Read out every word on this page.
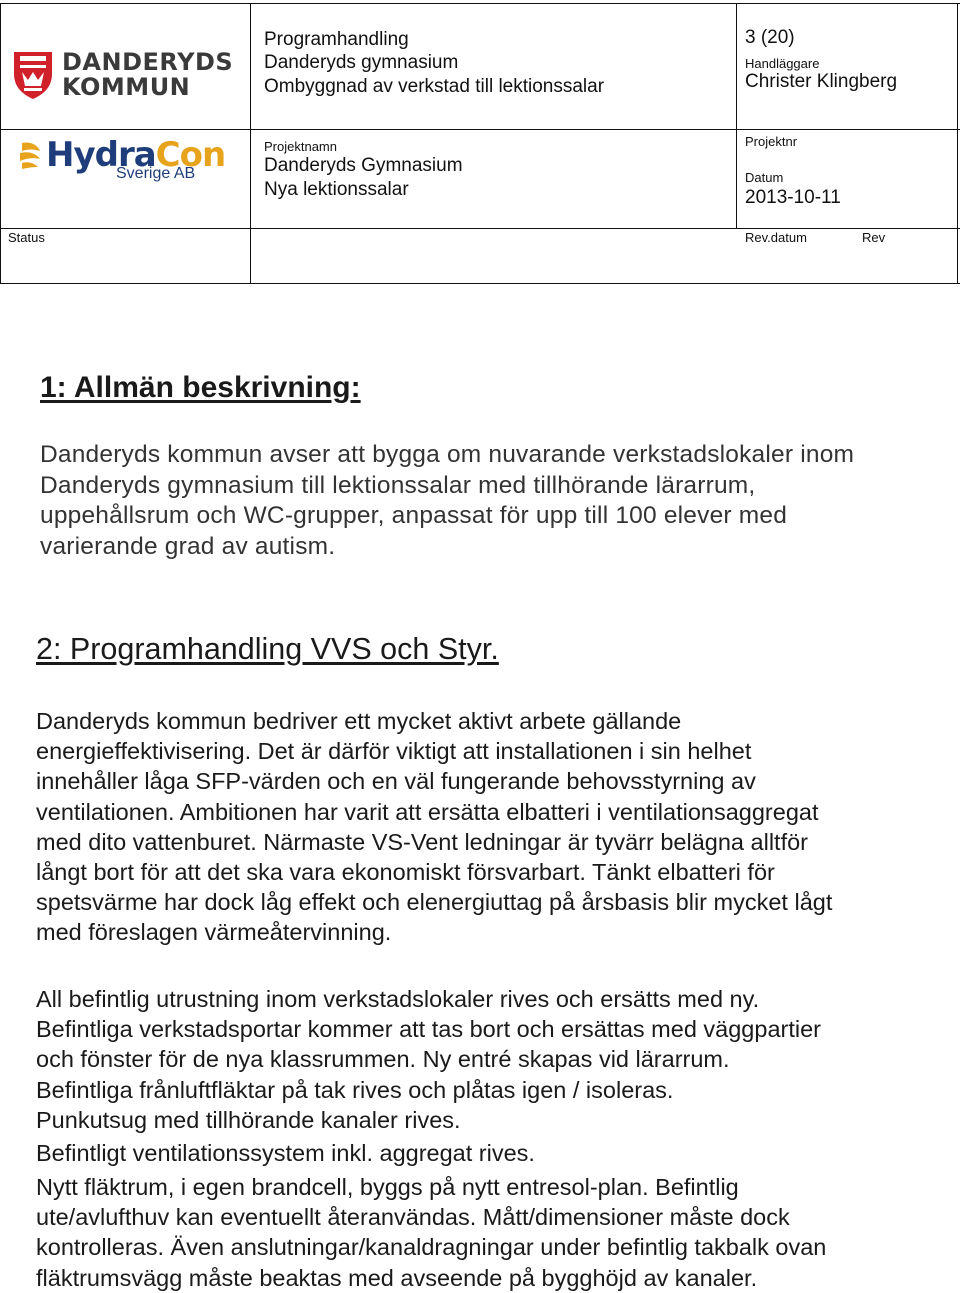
DANDERYDS
KOMMUN
HydraCon
Sverige AB
Programhandling
Danderyds gymnasium
Ombyggnad av verkstad till lektionssalar
Projektnamn
Danderyds Gymnasium
Nya lektionssalar
3 (20)
Handläggare
Christer Klingberg
Projektnr
Datum
2013-10-11
Status	Rev.datum	Rev
1: Allmän beskrivning:
Danderyds kommun avser att bygga om nuvarande verkstadslokaler inom
Danderyds gymnasium till lektionssalar med tillhörande lärarrum,
uppehållsrum och WC-grupper, anpassat för upp till 100 elever med
varierande grad av autism.
2: Programhandling VVS och Styr.
Danderyds kommun bedriver ett mycket aktivt arbete gällande
energieffektivisering. Det är därför viktigt att installationen i sin helhet
innehåller låga SFP-värden och en väl fungerande behovsstyrning av
ventilationen. Ambitionen har varit att ersätta elbatteri i ventilationsaggregat
med dito vattenburet. Närmaste VS-Vent ledningar är tyvärr belägna alltför
långt bort för att det ska vara ekonomiskt försvarbart. Tänkt elbatteri för
spetsvärme har dock låg effekt och elenergiuttag på årsbasis blir mycket lågt
med föreslagen värmeåtervinning.
All befintlig utrustning inom verkstadslokaler rives och ersätts med ny.
Befintliga verkstadsportar kommer att tas bort och ersättas med väggpartier
och fönster för de nya klassrummen. Ny entré skapas vid lärarrum.
Befintliga frånluftfläktar på tak rives och plåtas igen / isoleras.
Punkutsug med tillhörande kanaler rives.
Befintligt ventilationssystem inkl. aggregat rives.
Nytt fläktrum, i egen brandcell, byggs på nytt entresol-plan. Befintlig
ute/avlufthuv kan eventuellt återanvändas. Mått/dimensioner måste dock
kontrolleras. Även anslutningar/kanaldragningar under befintlig takbalk ovan
fläktrumsvägg måste beaktas med avseende på bygghöjd av kanaler.
